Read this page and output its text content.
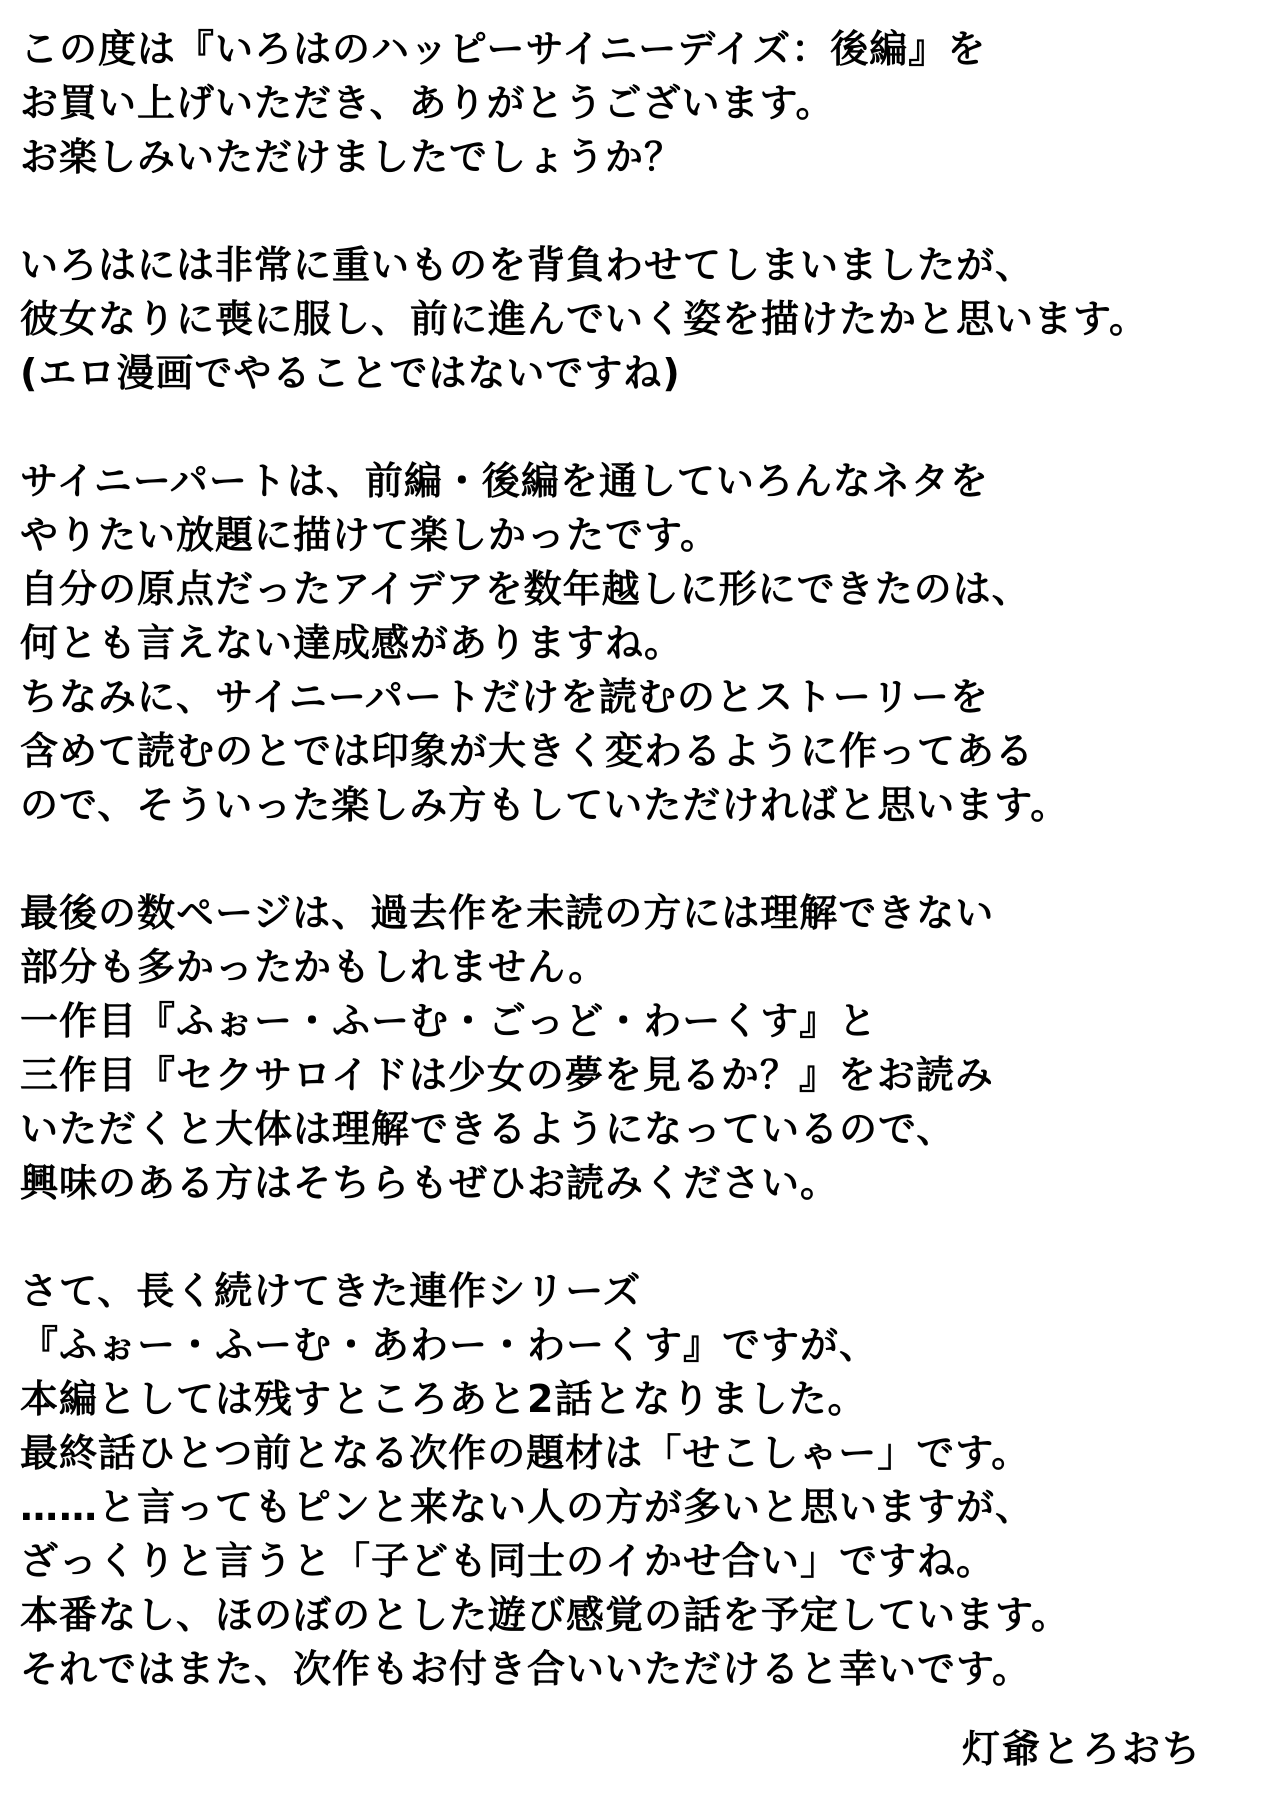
この度は『いろはのハッピーサイニーデイズ：後編』を
お買い上げいただき、ありがとうございます。
お楽しみいただけましたでしょうか？
いろはには非常に重いものを背負わせてしまいましたが、
彼女なりに喪に服し、前に進んでいく姿を描けたかと思います。
(エロ漫画でやることではないですね)
サイニーパートは、前編・後編を通していろんなネタを
やりたい放題に描けて楽しかったです。
自分の原点だったアイデアを数年越しに形にできたのは、
何とも言えない達成感がありますね。
ちなみに、サイニーパートだけを読むのとストーリーを
含めて読むのとでは印象が大きく変わるように作ってある
ので、そういった楽しみ方もしていただければと思います。
最後の数ページは、過去作を未読の方には理解できない
部分も多かったかもしれません。
一作目『ふぉー・ふーむ・ごっど・わーくす』と
三作目『セクサロイドは少女の夢を見るか？』をお読み
いただくと大体は理解できるようになっているので、
興味のある方はそちらもぜひお読みください。
さて、長く続けてきた連作シリーズ
『ふぉー・ふーむ・あわー・わーくす』ですが、
本編としては残すところあと2話となりました。
最終話ひとつ前となる次作の題材は「せこしゃー」です。
……と言ってもピンと来ない人の方が多いと思いますが、
ざっくりと言うと「子ども同士のイかせ合い」ですね。
本番なし、ほのぼのとした遊び感覚の話を予定しています。
それではまた、次作もお付き合いいただけると幸いです。
灯爺とろおち
